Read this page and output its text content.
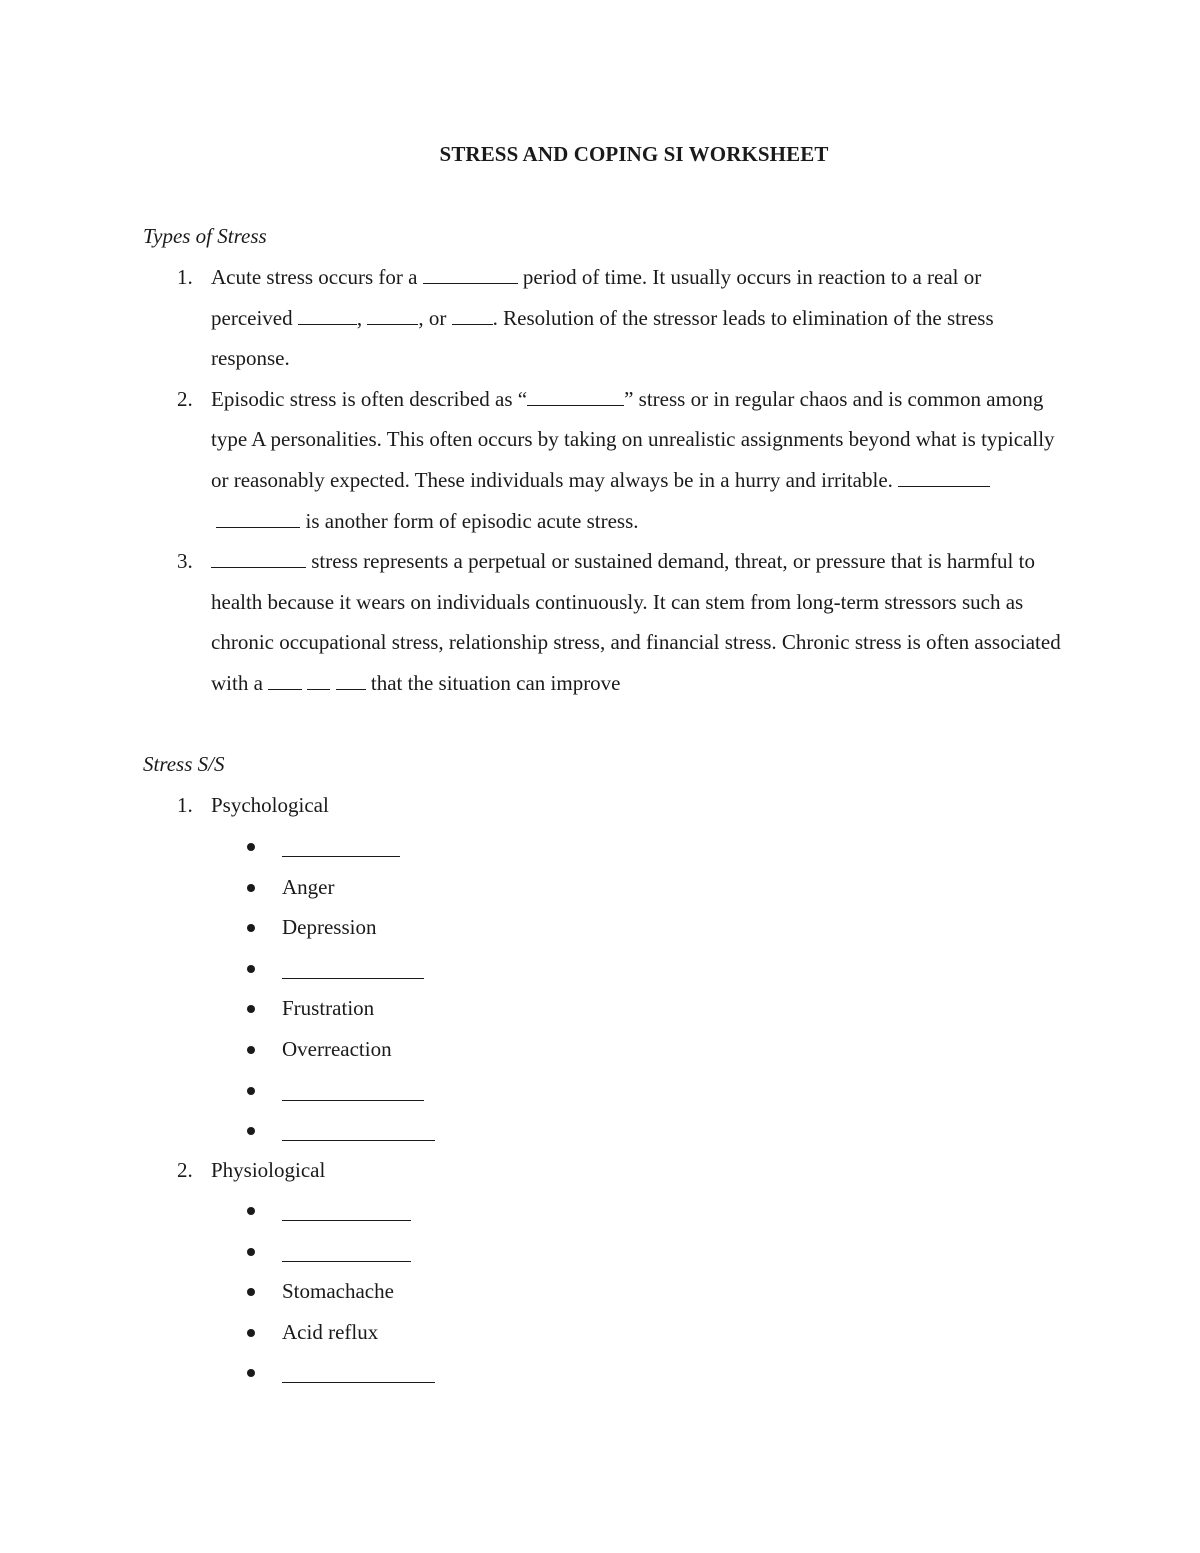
STRESS AND COPING SI WORKSHEET
Types of Stress
1. Acute stress occurs for a	period of time. It usually occurs in reaction to a real or perceived	, , or . Resolution of the stressor leads to elimination of the stress response.
2. Episodic stress is often described as “	” stress or in regular chaos and is common among type A personalities. This often occurs by taking on unrealistic assignments beyond what is typically or reasonably expected. These individuals may always be in a hurry and irritable.   is another form of episodic acute stress.
3.	stress represents a perpetual or sustained demand, threat, or pressure that is harmful to health because it wears on individuals continuously. It can stem from long-term stressors such as chronic occupational stress, relationship stress, and financial stress. Chronic stress is often associated with a	that the situation can improve
Stress S/S
1. Psychological
Anger
Depression
Frustration
Overreaction
2. Physiological
Stomachache
Acid reflux
